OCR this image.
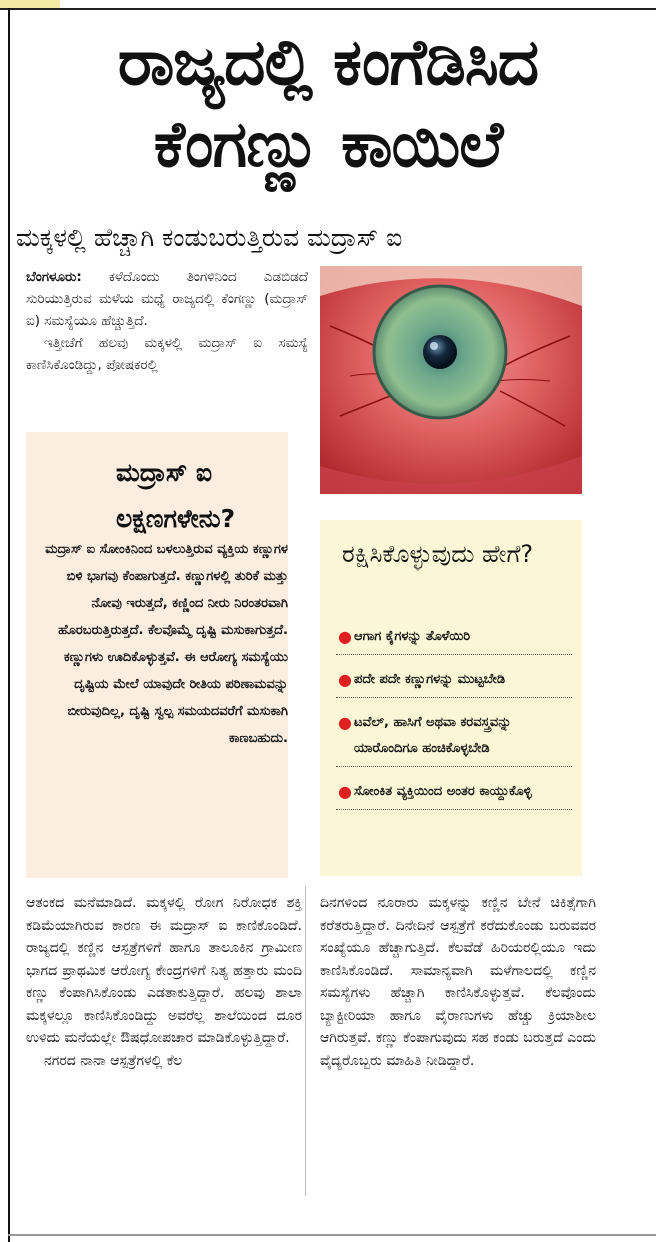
ರಾಜ್ಯದಲ್ಲಿ ಕಂಗೆಡಿಸಿದ
ಕೆಂಗಣ್ಣು ಕಾಯಿಲೆ
ಮಕ್ಕಳಲ್ಲಿ ಹೆಚ್ಚಾಗಿ ಕಂಡುಬರುತ್ತಿರುವ ಮದ್ರಾಸ್ ಐ

ಬೆಂಗಳೂರು: ಕಳೆದೊಂದು ತಿಂಗಳಿನಿಂದ ಎಡಬಿಡದೆ ಸುರಿಯುತ್ತಿರುವ ಮಳೆಯ ಮಧ್ಯೆ ರಾಜ್ಯದಲ್ಲಿ ಕೆಂಗಣ್ಣು (ಮದ್ರಾಸ್ ಐ) ಸಮಸ್ಯೆಯೂ ಹೆಚ್ಚುತ್ತಿದೆ.

ಇತ್ತೀಚೆಗೆ ಹಲವು ಮಕ್ಕಳಲ್ಲಿ ಮದ್ರಾಸ್ ಐ ಸಮಸ್ಯೆ ಕಾಣಿಸಿಕೊಂಡಿದ್ದು, ಪೋಷಕರಲ್ಲಿ

ಮದ್ರಾಸ್ ಐ ಲಕ್ಷಣಗಳೇನು?
ಮದ್ರಾಸ್ ಐ ಸೋಂಕಿನಿಂದ ಬಳಲುತ್ತಿರುವ ವ್ಯಕ್ತಿಯ ಕಣ್ಣುಗಳ ಬಿಳಿ ಭಾಗವು ಕೆಂಪಾಗುತ್ತದೆ. ಕಣ್ಣುಗಳಲ್ಲಿ ತುರಿಕೆ ಮತ್ತು ನೋವು ಇರುತ್ತದೆ, ಕಣ್ಣಿಂದ ನೀರು ನಿರಂತರವಾಗಿ ಹೊರಬರುತ್ತಿರುತ್ತದೆ. ಕೆಲವೊಮ್ಮೆ ದೃಷ್ಟಿ ಮಸುಕಾಗುತ್ತದೆ. ಕಣ್ಣುಗಳು ಊದಿಕೊಳ್ಳುತ್ತವೆ. ಈ ಆರೋಗ್ಯ ಸಮಸ್ಯೆಯು ದೃಷ್ಟಿಯ ಮೇಲೆ ಯಾವುದೇ ರೀತಿಯ ಪರಿಣಾಮವನ್ನು ಬೀರುವುದಿಲ್ಲ, ದೃಷ್ಟಿ ಸ್ವಲ್ಪ ಸಮಯದವರೆಗೆ ಮಸುಕಾಗಿ ಕಾಣಬಹುದು.
ರಕ್ಷಿಸಿಕೊಳ್ಳುವುದು ಹೇಗೆ?
● ಆಗಾಗ ಕೈಗಳನ್ನು ತೊಳೆಯಿರಿ
● ಪದೇ ಪದೇ ಕಣ್ಣುಗಳನ್ನು ಮುಟ್ಟಬೇಡಿ
● ಟವೆಲ್, ಹಾಸಿಗೆ ಅಥವಾ ಕರವಸ್ತ್ರವನ್ನು ಯಾರೊಂದಿಗೂ ಹಂಚಿಕೊಳ್ಳಬೇಡಿ
● ಸೋಂಕಿತ ವ್ಯಕ್ತಿಯಿಂದ ಅಂತರ ಕಾಯ್ದುಕೊಳ್ಳಿ

ಆತಂಕದ ಮನೆಮಾಡಿದೆ. ಮಕ್ಕಳಲ್ಲಿ ರೋಗ ನಿರೋಧಕ ಶಕ್ತಿ ಕಡಿಮೆಯಾಗಿರುವ ಕಾರಣ ಈ ಮದ್ರಾಸ್ ಐ ಕಾಣಿಕೊಂಡಿದೆ. ರಾಜ್ಯದಲ್ಲಿ ಕಣ್ಣಿನ ಆಸ್ಪತ್ರೆಗಳಿಗೆ ಹಾಗೂ ತಾಲೂಕಿನ ಗ್ರಾಮೀಣ ಭಾಗದ ಪ್ರಾಥಮಿಕ ಆರೋಗ್ಯ ಕೇಂದ್ರಗಳಿಗೆ ನಿತ್ಯ ಹತ್ತಾರು ಮಂದಿ ಕಣ್ಣು ಕೆಂಪಾಗಿಸಿಕೊಂಡು ಎಡತಾಕುತ್ತಿದ್ದಾರೆ. ಹಲವು ಶಾಲಾ ಮಕ್ಕಳಲ್ಲೂ ಕಾಣಿಸಿಕೊಂಡಿದ್ದು ಅವರೆಲ್ಲ ಶಾಲೆಯಿಂದ ದೂರ ಉಳಿದು ಮನೆಯಲ್ಲೇ ಔಷಧೋಪಚಾರ ಮಾಡಿಕೊಳ್ಳುತ್ತಿದ್ದಾರೆ.

ನಗರದ ನಾನಾ ಆಸ್ಪತ್ರೆಗಳಲ್ಲಿ ಕೆಲ

ದಿನಗಳಿಂದ ನೂರಾರು ಮಕ್ಕಳನ್ನು ಕಣ್ಣಿನ ಬೇನೆ ಚಿಕಿತ್ಸೆಗಾಗಿ ಕರೆತರುತ್ತಿದ್ದಾರೆ. ದಿನೇದಿನೆ ಆಸ್ಪತ್ರೆಗೆ ಕರೆದುಕೊಂಡು ಬರುವವರ ಸಂಖ್ಯೆಯೂ ಹೆಚ್ಚಾಗುತ್ತಿದೆ. ಕೆಲವೆಡೆ ಹಿರಿಯರಲ್ಲಿಯೂ ಇದು ಕಾಣಿಸಿಕೊಂಡಿದೆ. ಸಾಮಾನ್ಯವಾಗಿ ಮಳೆಗಾಲದಲ್ಲಿ ಕಣ್ಣಿನ ಸಮಸ್ಯೆಗಳು ಹೆಚ್ಚಾಗಿ ಕಾಣಿಸಿಕೊಳ್ಳುತ್ತವೆ. ಕೆಲವೊಂದು ಬ್ಯಾಕ್ಟೀರಿಯಾ ಹಾಗೂ ವೈರಾಣುಗಳು ಹೆಚ್ಚು ಕ್ರಿಯಾಶೀಲ ಆಗಿರುತ್ತವೆ. ಕಣ್ಣು ಕೆಂಪಾಗುವುದು ಸಹ ಕಂಡು ಬರುತ್ತದೆ ಎಂದು ವೈದ್ಯರೊಬ್ಬರು ಮಾಹಿತಿ ನೀಡಿದ್ದಾರೆ.
